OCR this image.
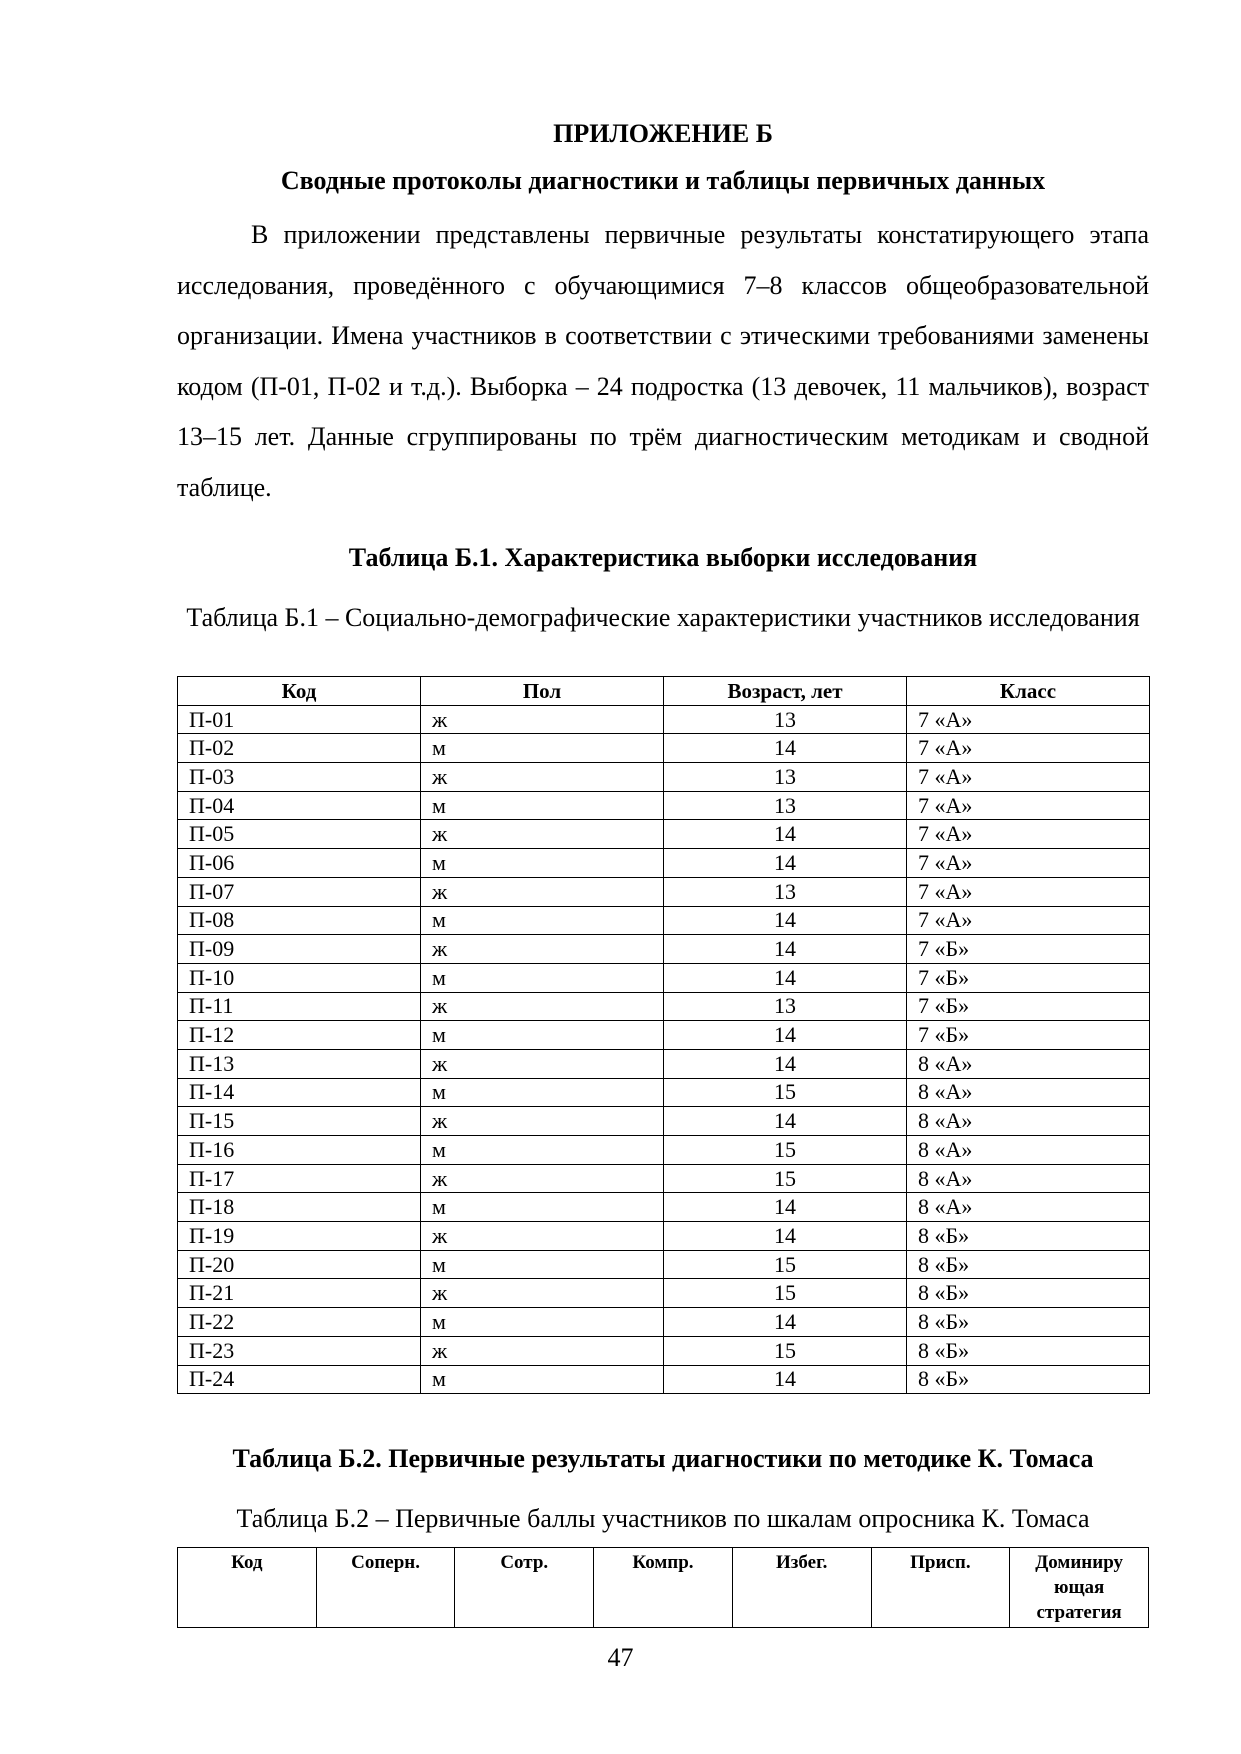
ПРИЛОЖЕНИЕ Б
Сводные протоколы диагностики и таблицы первичных данных

В приложении представлены первичные результаты констатирующего этапа исследования, проведённого с обучающимися 7–8 классов общеобразовательной организации. Имена участников в соответствии с этическими требованиями заменены кодом (П-01, П-02 и т.д.). Выборка – 24 подростка (13 девочек, 11 мальчиков), возраст 13–15 лет. Данные сгруппированы по трём диагностическим методикам и сводной таблице.

Таблица Б.1. Характеристика выборки исследования
Таблица Б.1 – Социально-демографические характеристики участников исследования
Код	Пол	Возраст, лет	Класс
П-01	ж	13	7 «А»
П-02	м	14	7 «А»
П-03	ж	13	7 «А»
П-04	м	13	7 «А»
П-05	ж	14	7 «А»
П-06	м	14	7 «А»
П-07	ж	13	7 «А»
П-08	м	14	7 «А»
П-09	ж	14	7 «Б»
П-10	м	14	7 «Б»
П-11	ж	13	7 «Б»
П-12	м	14	7 «Б»
П-13	ж	14	8 «А»
П-14	м	15	8 «А»
П-15	ж	14	8 «А»
П-16	м	15	8 «А»
П-17	ж	15	8 «А»
П-18	м	14	8 «А»
П-19	ж	14	8 «Б»
П-20	м	15	8 «Б»
П-21	ж	15	8 «Б»
П-22	м	14	8 «Б»
П-23	ж	15	8 «Б»
П-24	м	14	8 «Б»
Таблица Б.2. Первичные результаты диагностики по методике К. Томаса
Таблица Б.2 – Первичные баллы участников по шкалам опросника К. Томаса
Код	Соперн.	Сотр.	Компр.	Избег.	Присп.	Доминиру ющая стратегия
47
